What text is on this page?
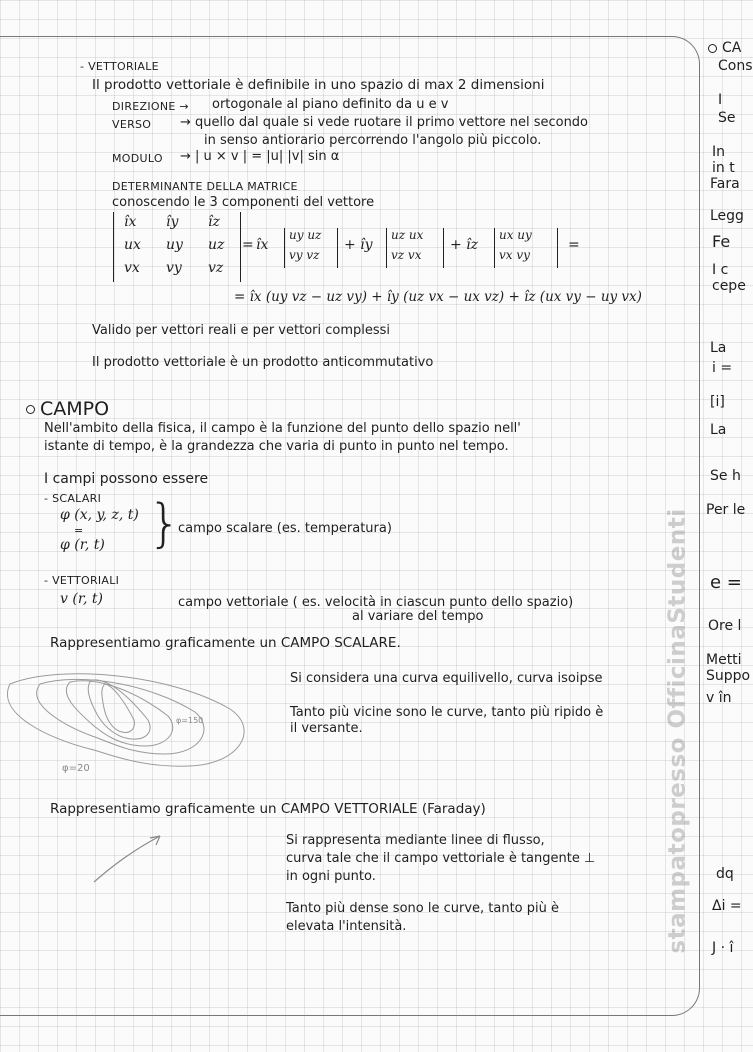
- VETTORIALE
Il prodotto vettoriale è definibile in uno spazio di max 2 dimensioni
DIREZIONE → ortogonale al piano definito da u e v
VERSO → quello dal quale si vede ruotare il primo vettore nel secondo
in senso antiorario percorrendo l'angolo più piccolo.
MODULO → | u × v | = |u| |v| sin α
DETERMINANTE DELLA MATRICE
conoscendo le 3 componenti del vettore
îx îy îz
ux uy uz
vx vy vz
= îx
uy uz
vy vz
+ îy
uz ux
vz vx
+ îz
ux uy
vx vy
=
= îx (uy vz − uz vy) + îy (uz vx − ux vz) + îz (ux vy − uy vx)
Valido per vettori reali e per vettori complessi
Il prodotto vettoriale è un prodotto anticommutativo
CAMPO
Nell'ambito della fisica, il campo è la funzione del punto dello spazio nell'
istante di tempo, è la grandezza che varia di punto in punto nel tempo.
I campi possono essere
- SCALARI
φ (x, y, z, t)
=
φ (r, t) }
campo scalare (es. temperatura)
- VETTORIALI
v (r, t)	campo vettoriale ( es. velocità in ciascun punto dello spazio)
al variare del tempo
Rappresentiamo graficamente un CAMPO SCALARE.
φ=150
φ=20
Si considera una curva equilivello, curva isoipse
Tanto più vicine sono le curve, tanto più ripido è
il versante.
Rappresentiamo graficamente un CAMPO VETTORIALE (Faraday)
Si rappresenta mediante linee di flusso,
curva tale che il campo vettoriale è tangente ⊥
in ogni punto.
Tanto più dense sono le curve, tanto più è
elevata l'intensità.	stampatopresso OfficinaStudenti
CA
Cons
I
Se
In
in t
Fara
Legg
Fe
I c
cepe
La
i =
[i]
La
Se h
Per le
e =
Ore l
Metti
Suppo
v în
dq
Δi =
J · î
